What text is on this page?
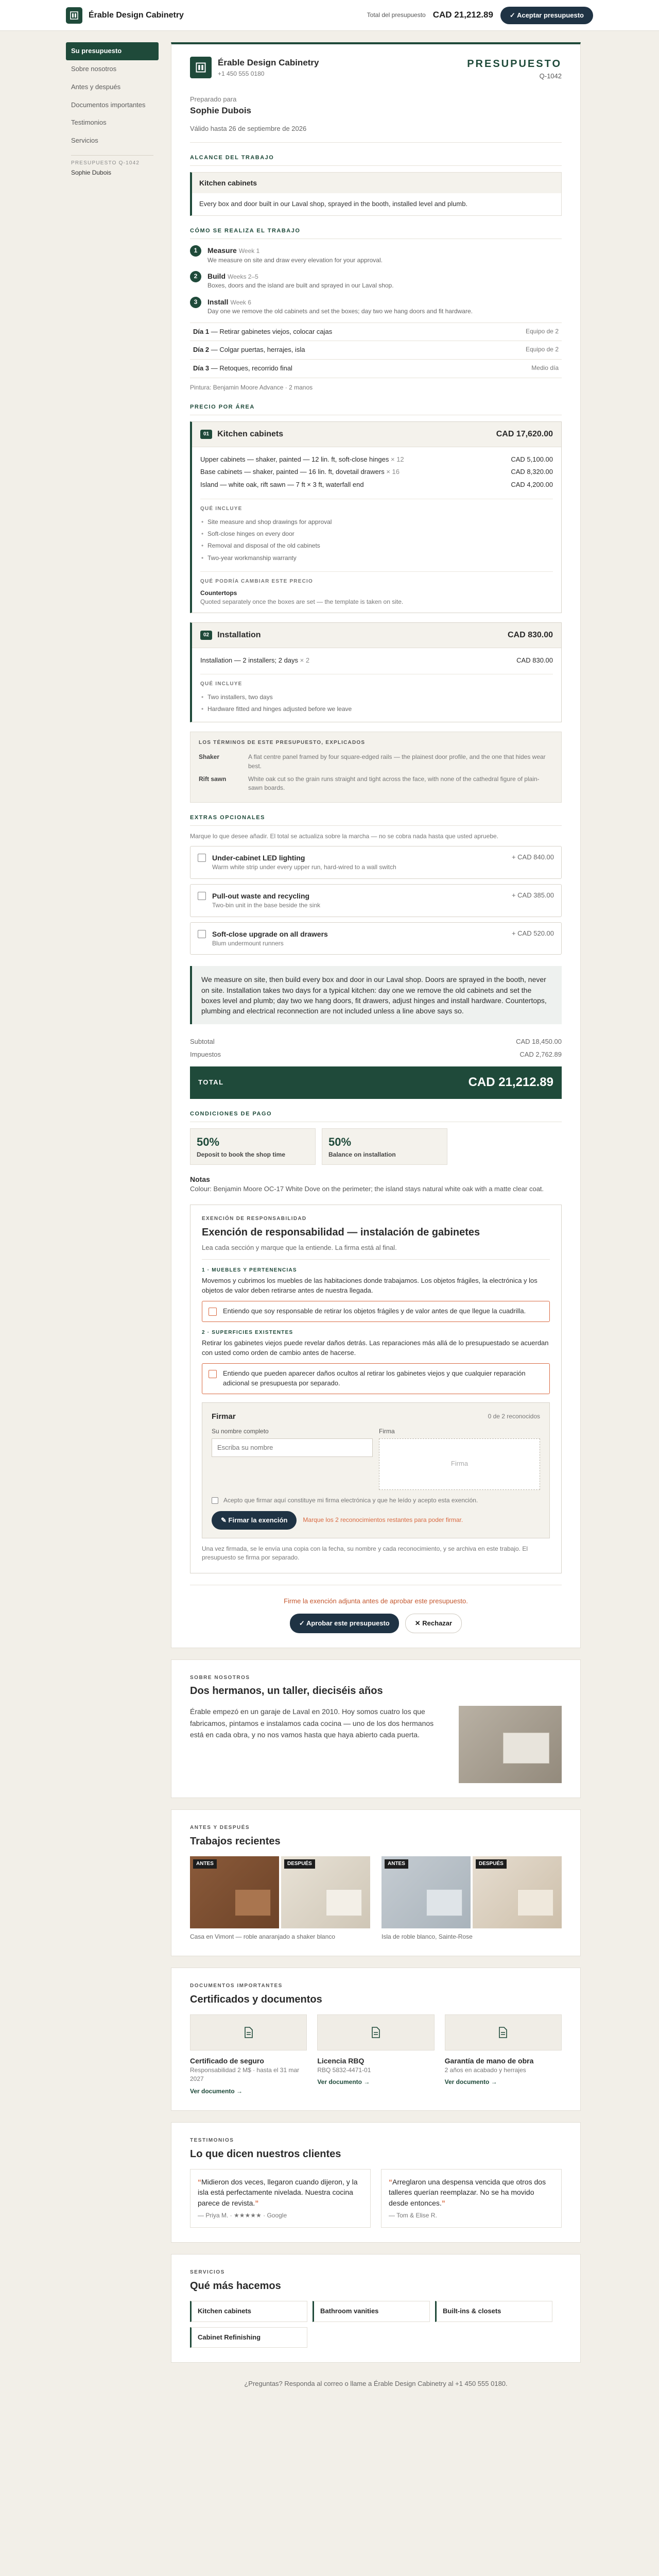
Érable Design Cabinetry	Total del presupuesto CAD 21,212.89	✓ Aceptar presupuesto
Su presupuesto
Sobre nosotros
Antes y después
Documentos importantes
Testimonios
Servicios
PRESUPUESTO Q-1042
Sophie Dubois
Érable Design Cabinetry
+1 450 555 0180
PRESUPUESTO
Q-1042
Preparado para
Sophie Dubois
Válido hasta 26 de septiembre de 2026
ALCANCE DEL TRABAJO
Kitchen cabinets
Every box and door built in our Laval shop, sprayed in the booth, installed level and plumb.
CÓMO SE REALIZA EL TRABAJO
1	Measure Week 1
We measure on site and draw every elevation for your approval.
2	Build Weeks 2–5
Boxes, doors and the island are built and sprayed in our Laval shop.
3	Install Week 6
Day one we remove the old cabinets and set the boxes; day two we hang doors and fit hardware.
Día 1 — Retirar gabinetes viejos, colocar cajas	Equipo de 2
Día 2 — Colgar puertas, herrajes, isla	Equipo de 2
Día 3 — Retoques, recorrido final	Medio día
Pintura: Benjamin Moore Advance · 2 manos
PRECIO POR ÁREA
01	Kitchen cabinets	CAD 17,620.00
Upper cabinets — shaker, painted — 12 lin. ft, soft-close hinges × 12	CAD 5,100.00
Base cabinets — shaker, painted — 16 lin. ft, dovetail drawers × 16	CAD 8,320.00
Island — white oak, rift sawn — 7 ft × 3 ft, waterfall end	CAD 4,200.00
QUÉ INCLUYE
• Site measure and shop drawings for approval
• Soft-close hinges on every door
• Removal and disposal of the old cabinets
• Two-year workmanship warranty
QUÉ PODRÍA CAMBIAR ESTE PRECIO
Countertops
Quoted separately once the boxes are set — the template is taken on site.
02	Installation	CAD 830.00
Installation — 2 installers; 2 days × 2	CAD 830.00
QUÉ INCLUYE
• Two installers, two days
• Hardware fitted and hinges adjusted before we leave
LOS TÉRMINOS DE ESTE PRESUPUESTO, EXPLICADOS
Shaker	A flat centre panel framed by four square-edged rails — the plainest door profile, and the one that hides wear best.
Rift sawn	White oak cut so the grain runs straight and tight across the face, with none of the cathedral figure of plain-sawn boards.
EXTRAS OPCIONALES
Marque lo que desee añadir. El total se actualiza sobre la marcha — no se cobra nada hasta que usted apruebe.
Under-cabinet LED lighting
Warm white strip under every upper run, hard-wired to a wall switch
+ CAD 840.00
Pull-out waste and recycling
Two-bin unit in the base beside the sink
+ CAD 385.00
Soft-close upgrade on all drawers
Blum undermount runners
+ CAD 520.00
We measure on site, then build every box and door in our Laval shop. Doors are sprayed in the booth, never on site. Installation takes two days for a typical kitchen: day one we remove the old cabinets and set the boxes level and plumb; day two we hang doors, fit drawers, adjust hinges and install hardware. Countertops, plumbing and electrical reconnection are not included unless a line above says so.
Subtotal	CAD 18,450.00
Impuestos	CAD 2,762.89
TOTAL	CAD 21,212.89
CONDICIONES DE PAGO
50%
Deposit to book the shop time
50%
Balance on installation
Notas
Colour: Benjamin Moore OC-17 White Dove on the perimeter; the island stays natural white oak with a matte clear coat.
EXENCIÓN DE RESPONSABILIDAD
Exención de responsabilidad — instalación de gabinetes
Lea cada sección y marque que la entiende. La firma está al final.
1 · MUEBLES Y PERTENENCIAS
Movemos y cubrimos los muebles de las habitaciones donde trabajamos. Los objetos frágiles, la electrónica y los objetos de valor deben retirarse antes de nuestra llegada.
Entiendo que soy responsable de retirar los objetos frágiles y de valor antes de que llegue la cuadrilla.
2 · SUPERFICIES EXISTENTES
Retirar los gabinetes viejos puede revelar daños detrás. Las reparaciones más allá de lo presupuestado se acuerdan con usted como orden de cambio antes de hacerse.
Entiendo que pueden aparecer daños ocultos al retirar los gabinetes viejos y que cualquier reparación adicional se presupuesta por separado.
Firmar	0 de 2 reconocidos
Su nombre completo
Escriba su nombre	Firma
Firma
Acepto que firmar aquí constituye mi firma electrónica y que he leído y acepto esta exención.
✎ Firmar la exención	Marque los 2 reconocimientos restantes para poder firmar.
Una vez firmada, se le envía una copia con la fecha, su nombre y cada reconocimiento, y se archiva en este trabajo. El presupuesto se firma por separado.
Firme la exención adjunta antes de aprobar este presupuesto.
✓ Aprobar este presupuesto	✕ Rechazar
SOBRE NOSOTROS
Dos hermanos, un taller, dieciséis años
Érable empezó en un garaje de Laval en 2010. Hoy somos cuatro los que fabricamos, pintamos e instalamos cada cocina — uno de los dos hermanos está en cada obra, y no nos vamos hasta que haya abierto cada puerta.
ANTES Y DESPUÉS
Trabajos recientes
ANTES	DESPUÉS
Casa en Vimont — roble anaranjado a shaker blanco
ANTES	DESPUÉS
Isla de roble blanco, Sainte-Rose
DOCUMENTOS IMPORTANTES
Certificados y documentos
Certificado de seguro
Responsabilidad 2 M$ · hasta el 31 mar 2027
Ver documento →
Licencia RBQ
RBQ 5832-4471-01
Ver documento →
Garantía de mano de obra
2 años en acabado y herrajes
Ver documento →
TESTIMONIOS
Lo que dicen nuestros clientes
“Midieron dos veces, llegaron cuando dijeron, y la isla está perfectamente nivelada. Nuestra cocina parece de revista.”
— Priya M. · ★★★★★ · Google
“Arreglaron una despensa vencida que otros dos talleres querían reemplazar. No se ha movido desde entonces.”
— Tom & Elise R.
SERVICIOS
Qué más hacemos
Kitchen cabinets	Bathroom vanities	Built-ins & closets
Cabinet Refinishing
¿Preguntas? Responda al correo o llame a Érable Design Cabinetry al +1 450 555 0180.
